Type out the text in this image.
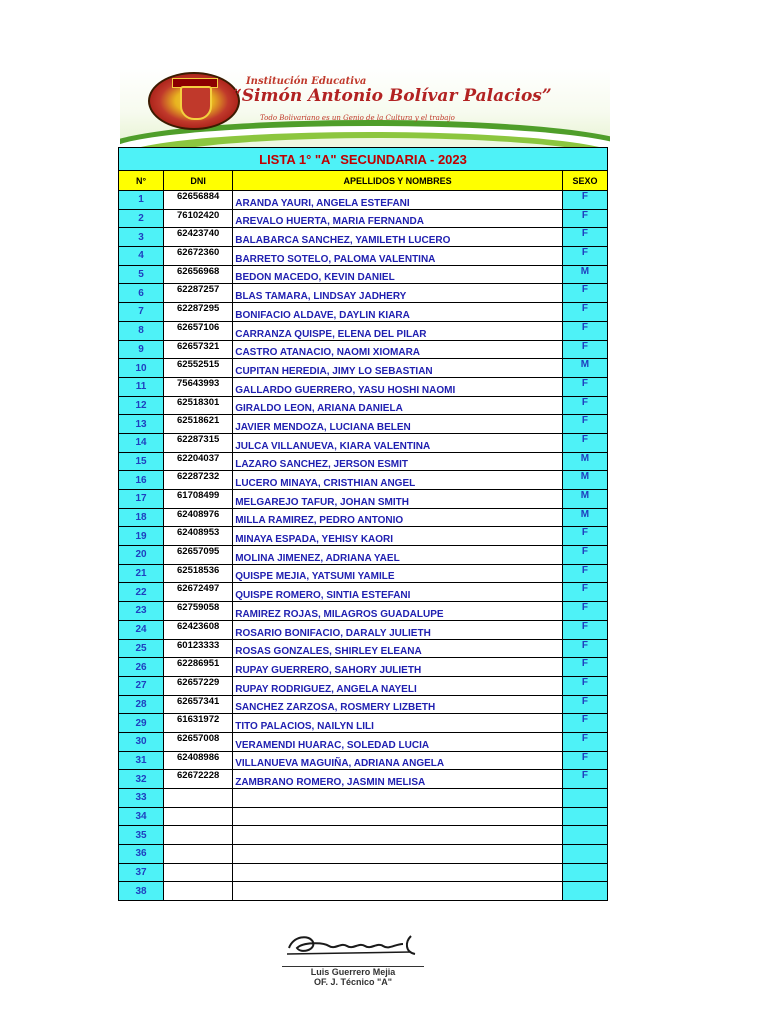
Institución Educativa
“Simón Antonio Bolívar Palacios”
Todo Bolivariano es un Genio de la Cultura y el trabajo
LISTA 1° "A" SECUNDARIA - 2023			
N°	DNI	APELLIDOS Y NOMBRES	SEXO
1	62656884	ARANDA YAURI, ANGELA ESTEFANI	F
2	76102420	AREVALO HUERTA, MARIA FERNANDA	F
3	62423740	BALABARCA SANCHEZ, YAMILETH LUCERO	F
4	62672360	BARRETO SOTELO, PALOMA VALENTINA	F
5	62656968	BEDON MACEDO, KEVIN DANIEL	M
6	62287257	BLAS TAMARA, LINDSAY JADHERY	F
7	62287295	BONIFACIO ALDAVE, DAYLIN KIARA	F
8	62657106	CARRANZA QUISPE, ELENA DEL PILAR	F
9	62657321	CASTRO ATANACIO, NAOMI XIOMARA	F
10	62552515	CUPITAN HEREDIA, JIMY LO SEBASTIAN	M
11	75643993	GALLARDO GUERRERO, YASU HOSHI NAOMI	F
12	62518301	GIRALDO LEON, ARIANA DANIELA	F
13	62518621	JAVIER MENDOZA, LUCIANA BELEN	F
14	62287315	JULCA VILLANUEVA, KIARA VALENTINA	F
15	62204037	LAZARO SANCHEZ, JERSON ESMIT	M
16	62287232	LUCERO MINAYA, CRISTHIAN ANGEL	M
17	61708499	MELGAREJO TAFUR, JOHAN SMITH	M
18	62408976	MILLA RAMIREZ, PEDRO ANTONIO	M
19	62408953	MINAYA ESPADA, YEHISY KAORI	F
20	62657095	MOLINA JIMENEZ, ADRIANA YAEL	F
21	62518536	QUISPE MEJIA, YATSUMI YAMILE	F
22	62672497	QUISPE ROMERO, SINTIA ESTEFANI	F
23	62759058	RAMIREZ ROJAS, MILAGROS GUADALUPE	F
24	62423608	ROSARIO BONIFACIO, DARALY JULIETH	F
25	60123333	ROSAS GONZALES, SHIRLEY ELEANA	F
26	62286951	RUPAY GUERRERO, SAHORY JULIETH	F
27	62657229	RUPAY RODRIGUEZ, ANGELA NAYELI	F
28	62657341	SANCHEZ ZARZOSA, ROSMERY LIZBETH	F
29	61631972	TITO PALACIOS, NAILYN LILI	F
30	62657008	VERAMENDI HUARAC, SOLEDAD LUCIA	F
31	62408986	VILLANUEVA MAGUIÑA, ADRIANA ANGELA	F
32	62672228	ZAMBRANO ROMERO, JASMIN MELISA	F
33			
34			
35			
36			
37			
38			
Luis Guerrero Mejia
OF. J. Técnico "A"
